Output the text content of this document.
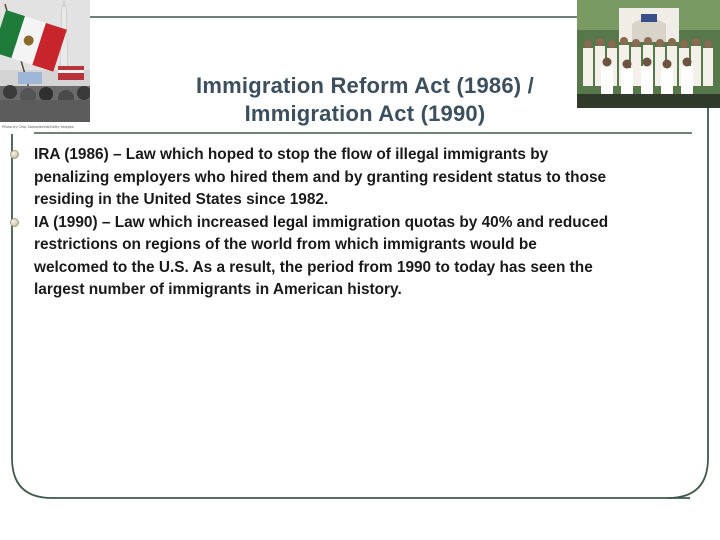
Photo by Chip Somodevilla/Getty Images
Immigration Reform Act (1986) /
Immigration Act (1990)
IRA (1986) – Law which hoped to stop the flow of illegal immigrants by
penalizing employers who hired them and by granting resident status to those
residing in the United States since 1982.
IA (1990) – Law which increased legal immigration quotas by 40% and reduced
restrictions on regions of the world from which immigrants would be
welcomed to the U.S. As a result, the period from 1990 to today has seen the
largest number of immigrants in American history.
